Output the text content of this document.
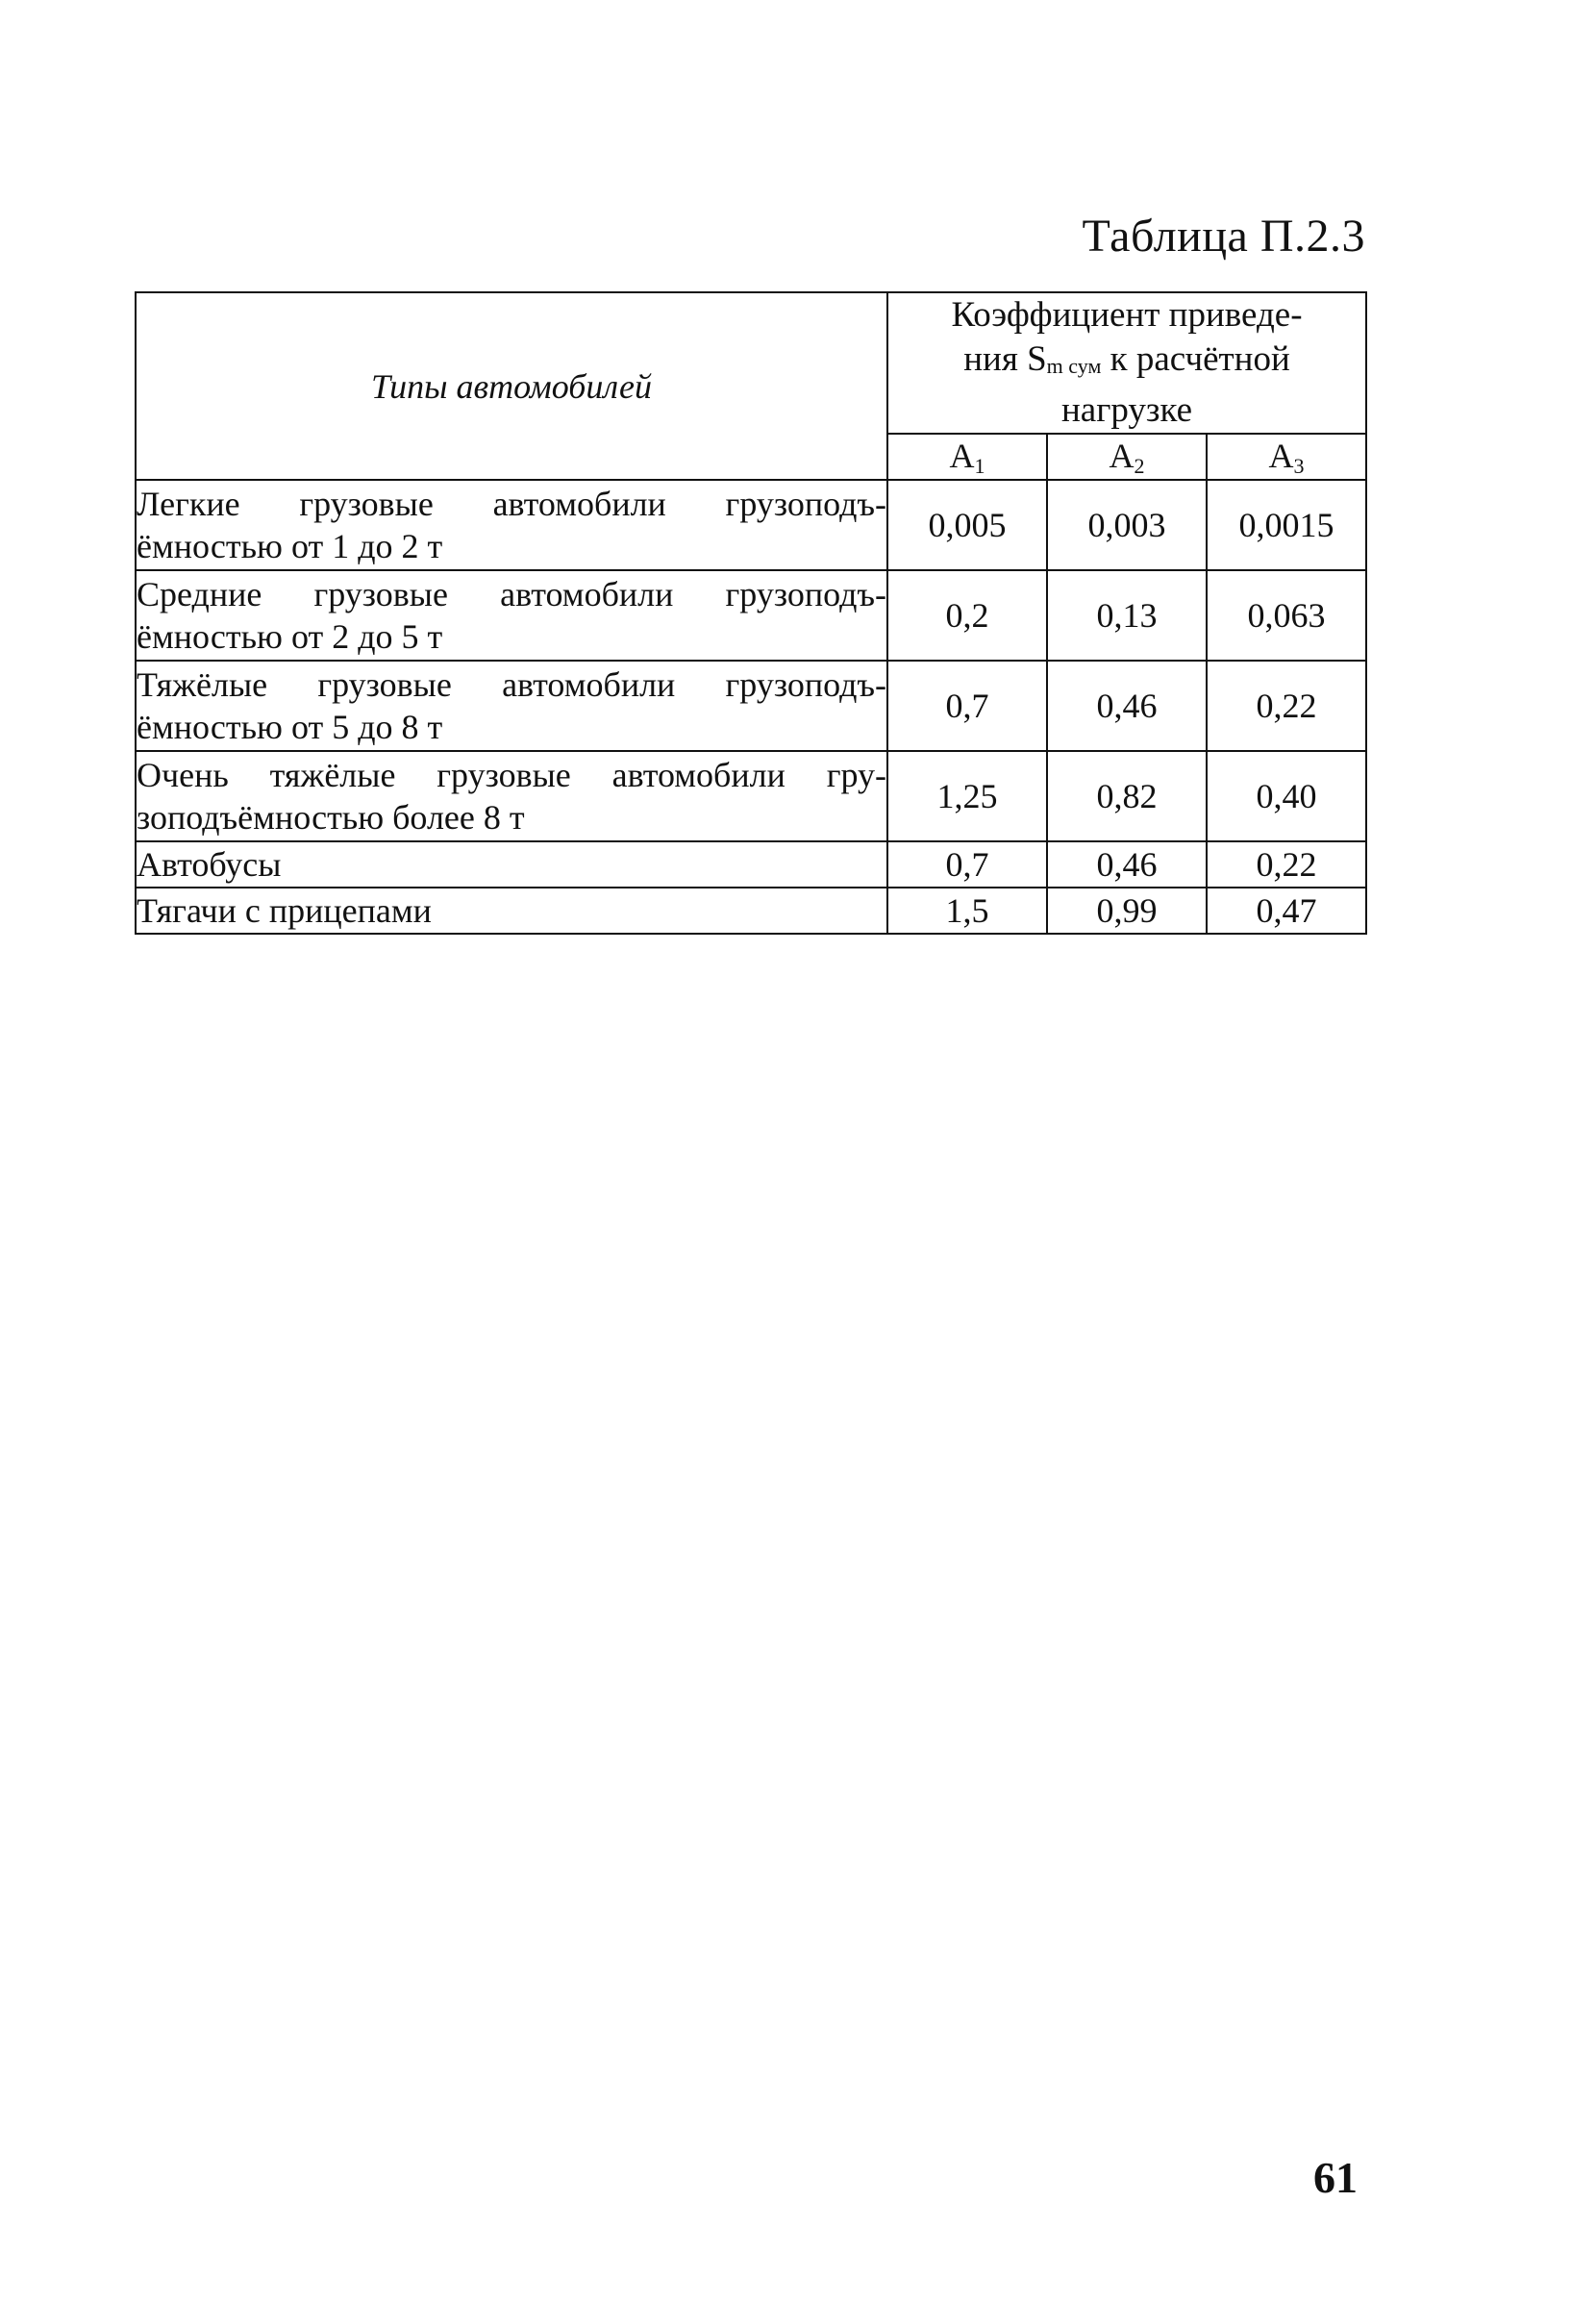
Таблица П.2.3
Типы автомобилей	Коэффициент приведе-
ния Sm сум к расчётной
нагрузке		
	A1	A2	A3
Легкие грузовые автомобили грузоподъ- ёмностью от 1 до 2 т	0,005	0,003	0,0015
Средние грузовые автомобили грузоподъ- ёмностью от 2 до 5 т	0,2	0,13	0,063
Тяжёлые грузовые автомобили грузоподъ- ёмностью от 5 до 8 т	0,7	0,46	0,22
Очень тяжёлые грузовые автомобили гру- зоподъёмностью более 8 т	1,25	0,82	0,40
Автобусы	0,7	0,46	0,22
Тягачи с прицепами	1,5	0,99	0,47
61
